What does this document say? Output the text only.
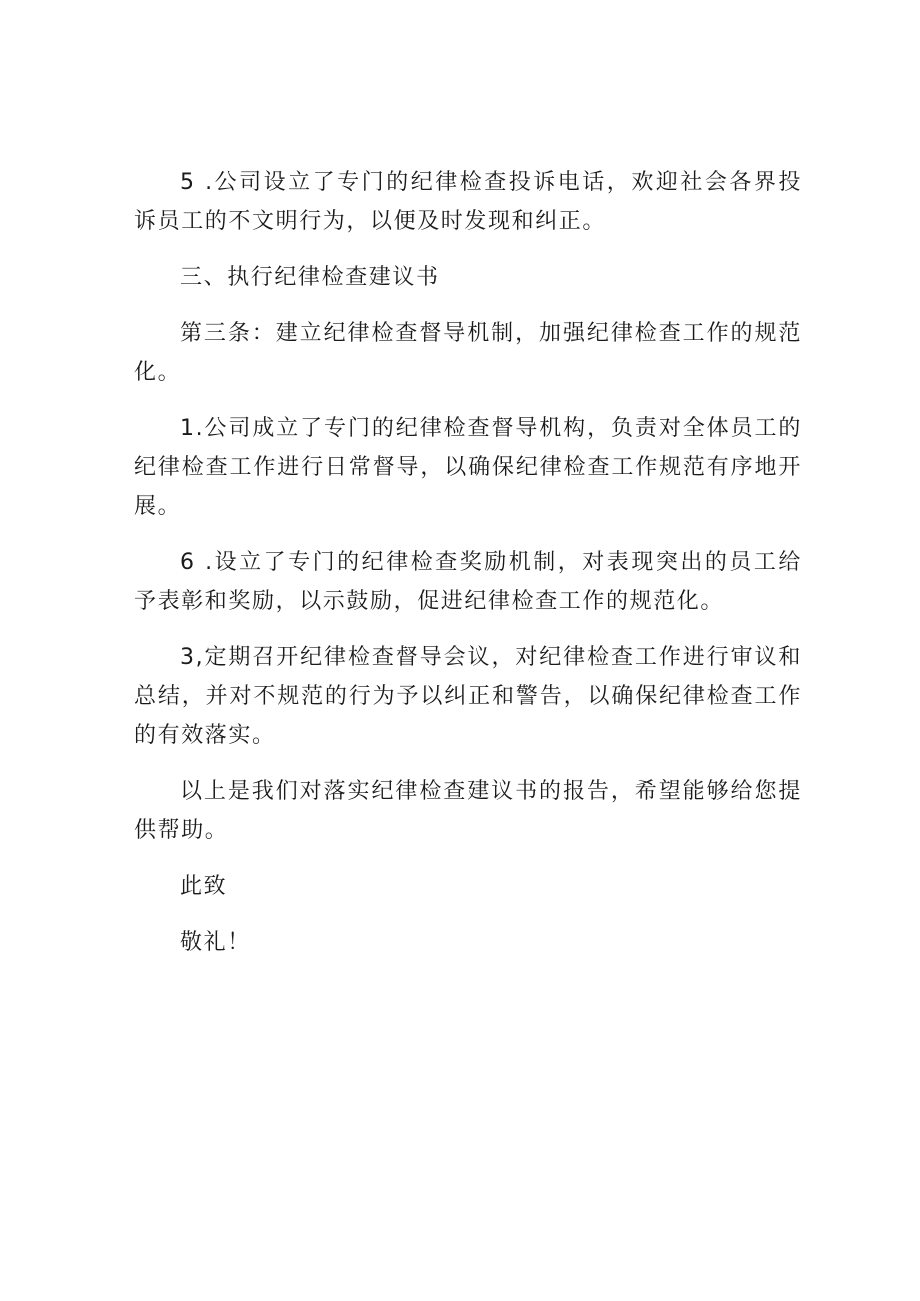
5 .公司设立了专门的纪律检查投诉电话，欢迎社会各界投诉员工的不文明行为，以便及时发现和纠正。

三、执行纪律检查建议书

第三条：建立纪律检查督导机制，加强纪律检查工作的规范化。

1.公司成立了专门的纪律检查督导机构，负责对全体员工的纪律检查工作进行日常督导，以确保纪律检查工作规范有序地开展。

6 .设立了专门的纪律检查奖励机制，对表现突出的员工给予表彰和奖励，以示鼓励，促进纪律检查工作的规范化。

3,定期召开纪律检查督导会议，对纪律检查工作进行审议和总结，并对不规范的行为予以纠正和警告，以确保纪律检查工作的有效落实。

以上是我们对落实纪律检查建议书的报告，希望能够给您提供帮助。

此致

敬礼！
